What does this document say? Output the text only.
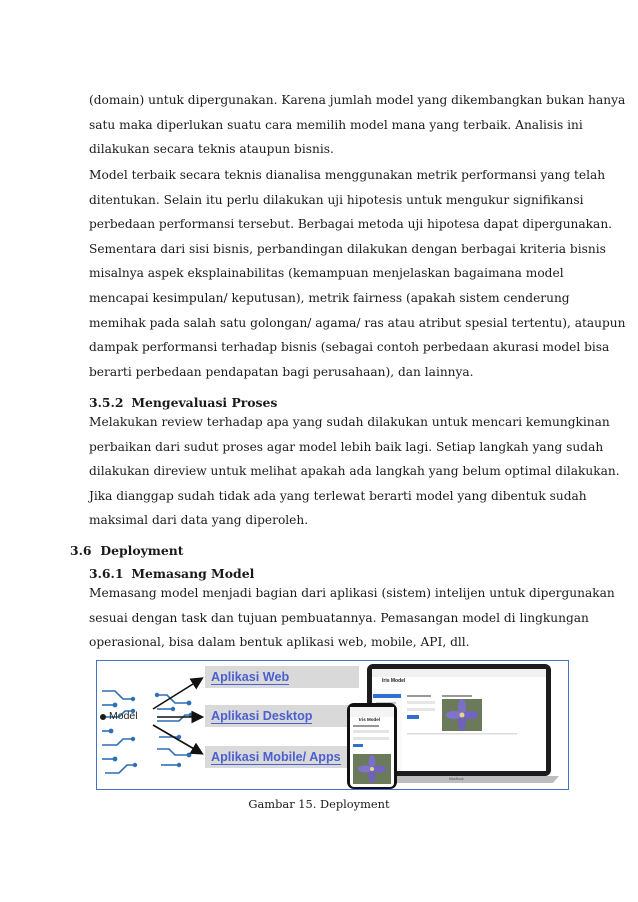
(domain) untuk dipergunakan. Karena jumlah model yang dikembangkan bukan hanya
satu maka diperlukan suatu cara memilih model mana yang terbaik. Analisis ini
dilakukan secara teknis ataupun bisnis.
Model terbaik secara teknis dianalisa menggunakan metrik performansi yang telah
ditentukan. Selain itu perlu dilakukan uji hipotesis untuk mengukur signifikansi
perbedaan performansi tersebut. Berbagai metoda uji hipotesa dapat dipergunakan.
Sementara dari sisi bisnis, perbandingan dilakukan dengan berbagai kriteria bisnis
misalnya aspek eksplainabilitas (kemampuan menjelaskan bagaimana model
mencapai kesimpulan/ keputusan), metrik fairness (apakah sistem cenderung
memihak pada salah satu golongan/ agama/ ras atau atribut spesial tertentu), ataupun
dampak performansi terhadap bisnis (sebagai contoh perbedaan akurasi model bisa
berarti perbedaan pendapatan bagi perusahaan), dan lainnya.
3.5.2 Mengevaluasi Proses
Melakukan review terhadap apa yang sudah dilakukan untuk mencari kemungkinan
perbaikan dari sudut proses agar model lebih baik lagi. Setiap langkah yang sudah
dilakukan direview untuk melihat apakah ada langkah yang belum optimal dilakukan.
Jika dianggap sudah tidak ada yang terlewat berarti model yang dibentuk sudah
maksimal dari data yang diperoleh.
3.6 Deployment
3.6.1 Memasang Model
Memasang model menjadi bagian dari aplikasi (sistem) intelijen untuk dipergunakan
sesuai dengan task dan tujuan pembuatannya. Pemasangan model di lingkungan
operasional, bisa dalam bentuk aplikasi web, mobile, API, dll.
Model
Aplikasi Web
Aplikasi Desktop
Aplikasi Mobile/ Apps
Iris Model
Iris Model
MacBook
Gambar 15. Deployment
